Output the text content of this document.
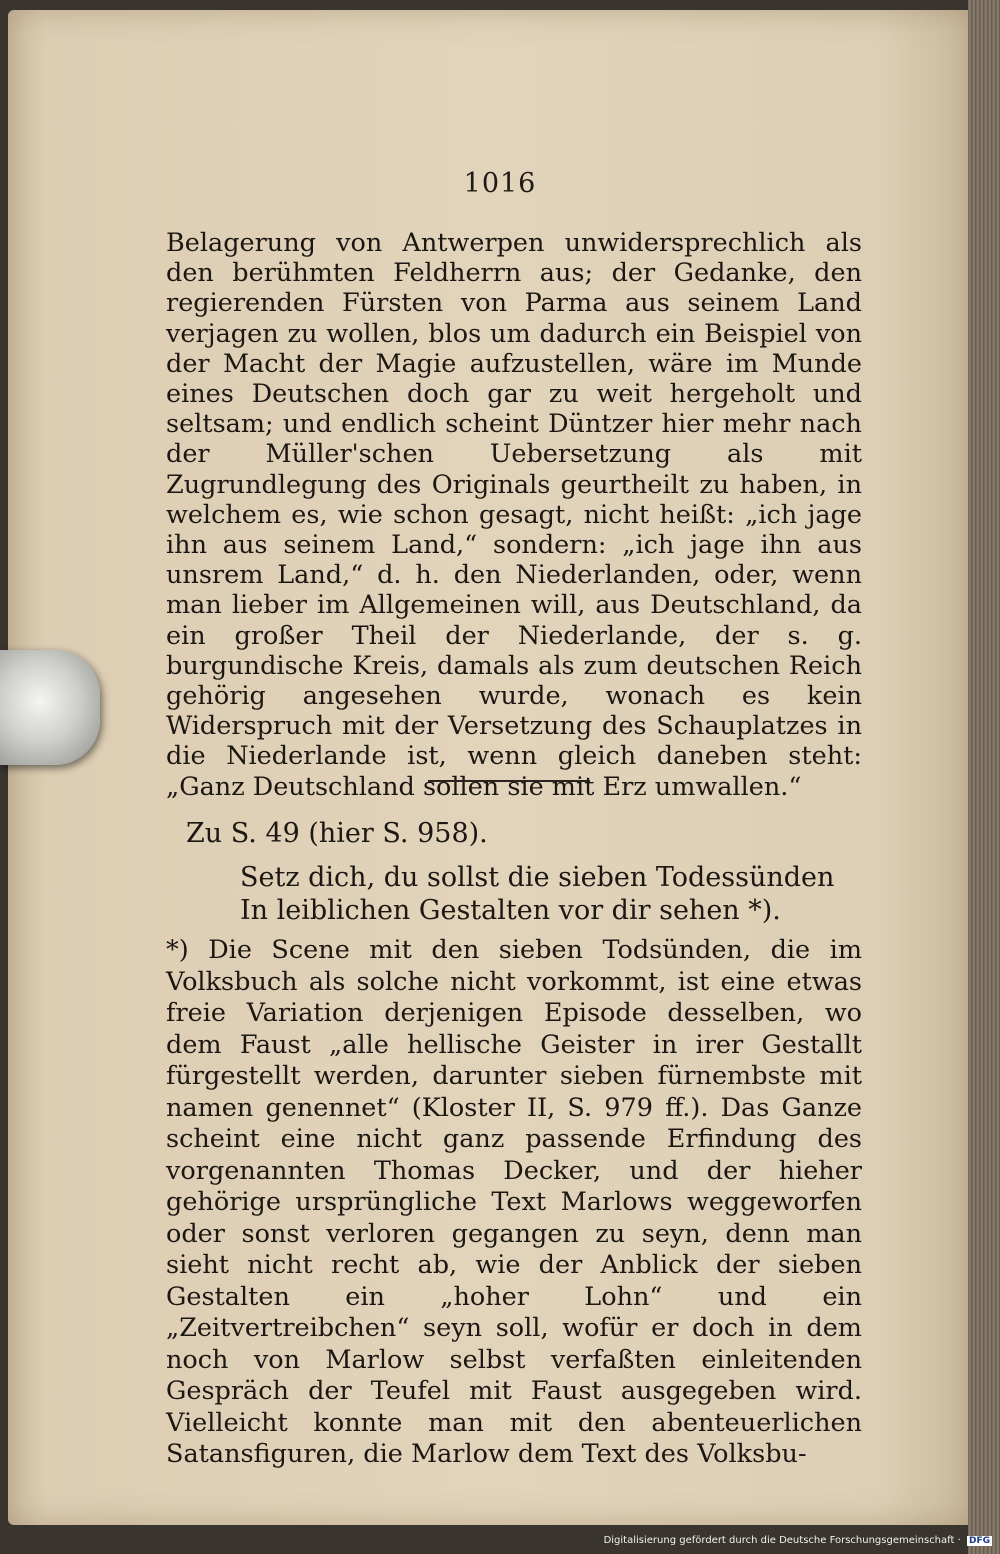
1016

Belagerung von Antwerpen unwidersprechlich als den berühmten Feldherrn aus; der Gedanke, den regierenden Fürsten von Parma aus seinem Land verjagen zu wollen, blos um dadurch ein Beispiel von der Macht der Magie aufzustellen, wäre im Munde eines Deutschen doch gar zu weit hergeholt und seltsam; und endlich scheint Düntzer hier mehr nach der Müller'schen Uebersetzung als mit Zugrundlegung des Originals geurtheilt zu haben, in welchem es, wie schon gesagt, nicht heißt: „ich jage ihn aus seinem Land,“ sondern: „ich jage ihn aus unsrem Land,“ d. h. den Niederlanden, oder, wenn man lieber im Allgemeinen will, aus Deutschland, da ein großer Theil der Niederlande, der s. g. burgundische Kreis, damals als zum deutschen Reich gehörig angesehen wurde, wonach es kein Widerspruch mit der Versetzung des Schauplatzes in die Niederlande ist, wenn gleich daneben steht: „Ganz Deutschland sollen sie mit Erz umwallen.“

Zu S. 49 (hier S. 958).
Setz dich, du sollst die sieben Todessünden
In leiblichen Gestalten vor dir sehen *).

*) Die Scene mit den sieben Todsünden, die im Volksbuch als solche nicht vorkommt, ist eine etwas freie Variation derjenigen Episode desselben, wo dem Faust „alle hellische Geister in irer Gestallt fürgestellt werden, darunter sieben fürnembste mit namen genennet“ (Kloster II, S. 979 ff.). Das Ganze scheint eine nicht ganz passende Erfindung des vorgenannten Thomas Decker, und der hieher gehörige ursprüngliche Text Marlows weggeworfen oder sonst verloren gegangen zu seyn, denn man sieht nicht recht ab, wie der Anblick der sieben Gestalten ein „hoher Lohn“ und ein „Zeitvertreibchen“ seyn soll, wofür er doch in dem noch von Marlow selbst verfaßten einleitenden Gespräch der Teufel mit Faust ausgegeben wird. Vielleicht konnte man mit den abenteuerlichen Satansfiguren, die Marlow dem Text des Volksbu-

Digitalisierung gefördert durch die Deutsche Forschungsgemeinschaft · DFG
